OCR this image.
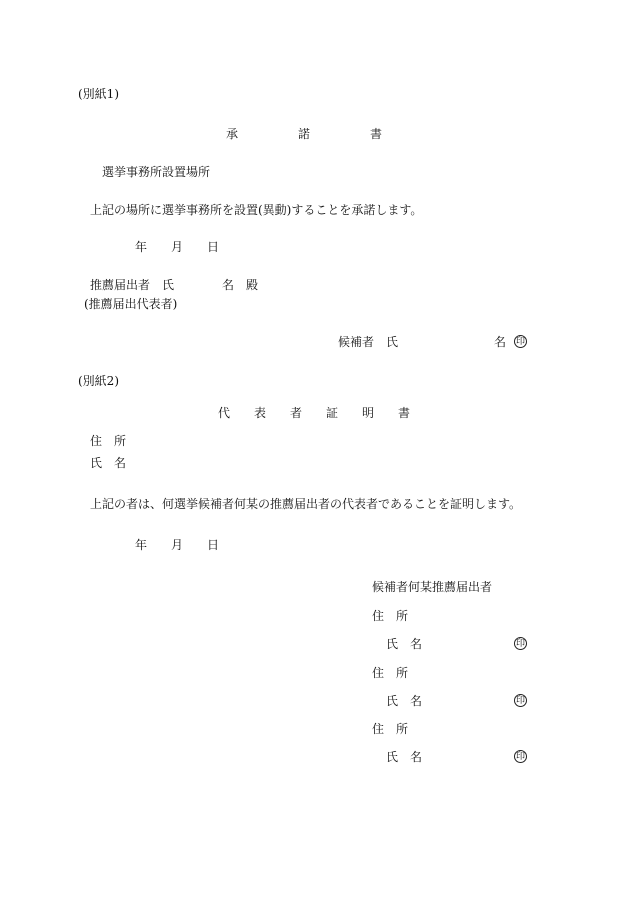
(別紙1)
承　　　　　諾　　　　　書
選挙事務所設置場所
上記の場所に選挙事務所を設置(異動)することを承諾します。
年　　月　　日
推薦届出者　氏　　　　名　殿
(推薦届出代表者)
候補者　氏　　　　　　　　名 印
(別紙2)
代　　表　　者　　証　　明　　書
住　所
氏　名
上記の者は、何選挙候補者何某の推薦届出者の代表者であることを証明します。
年　　月　　日
候補者何某推薦届出者
住　所
氏　名	印
住　所
氏　名	印
住　所
氏　名	印
